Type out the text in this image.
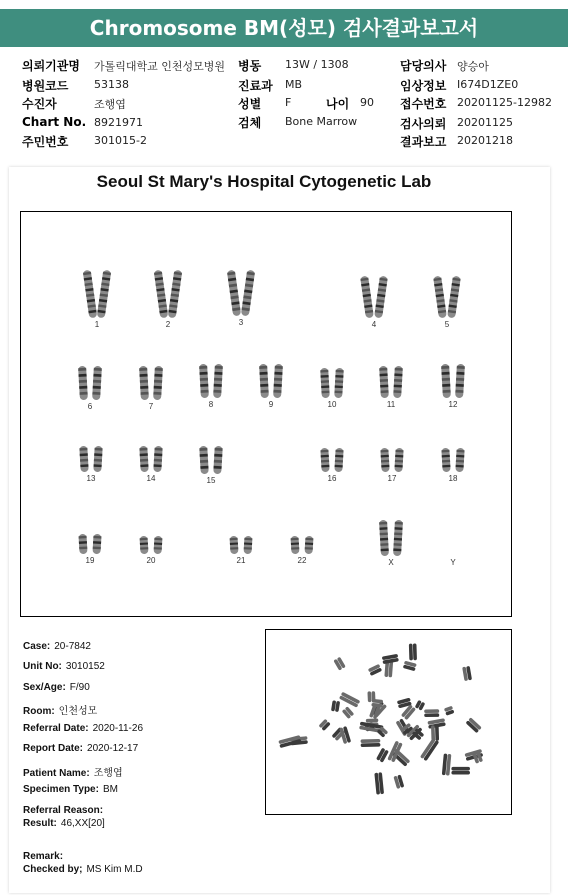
Chromosome BM(성모) 검사결과보고서
의뢰기관명 가톨릭대학교 인천성모병원
병원코드 53138
수진자	조행엽
Chart No. 8921971
주민번호 301015-2
병동 13W / 1308
진료과 MB
성별 F	나이 90
검체 Bone Marrow
담당의사 양승아
임상정보 I674D1ZE0
접수번호 20201125-12982
검사의뢰 20201125
결과보고 20201218
Seoul St Mary's Hospital Cytogenetic Lab
1	2	3	4	5
6	7	8	9	10	11	12
13	14	15	16	17	18
19	20	21	22	X	Y
Case: 20-7842
Unit No: 3010152
Sex/Age: F/90
Room: 인천성모
Referral Date: 2020-11-26
Report Date: 2020-12-17
Patient Name: 조행엽
Specimen Type: BM
Referral Reason:
Result: 46,XX[20]
Remark:
Checked by; MS Kim M.D
